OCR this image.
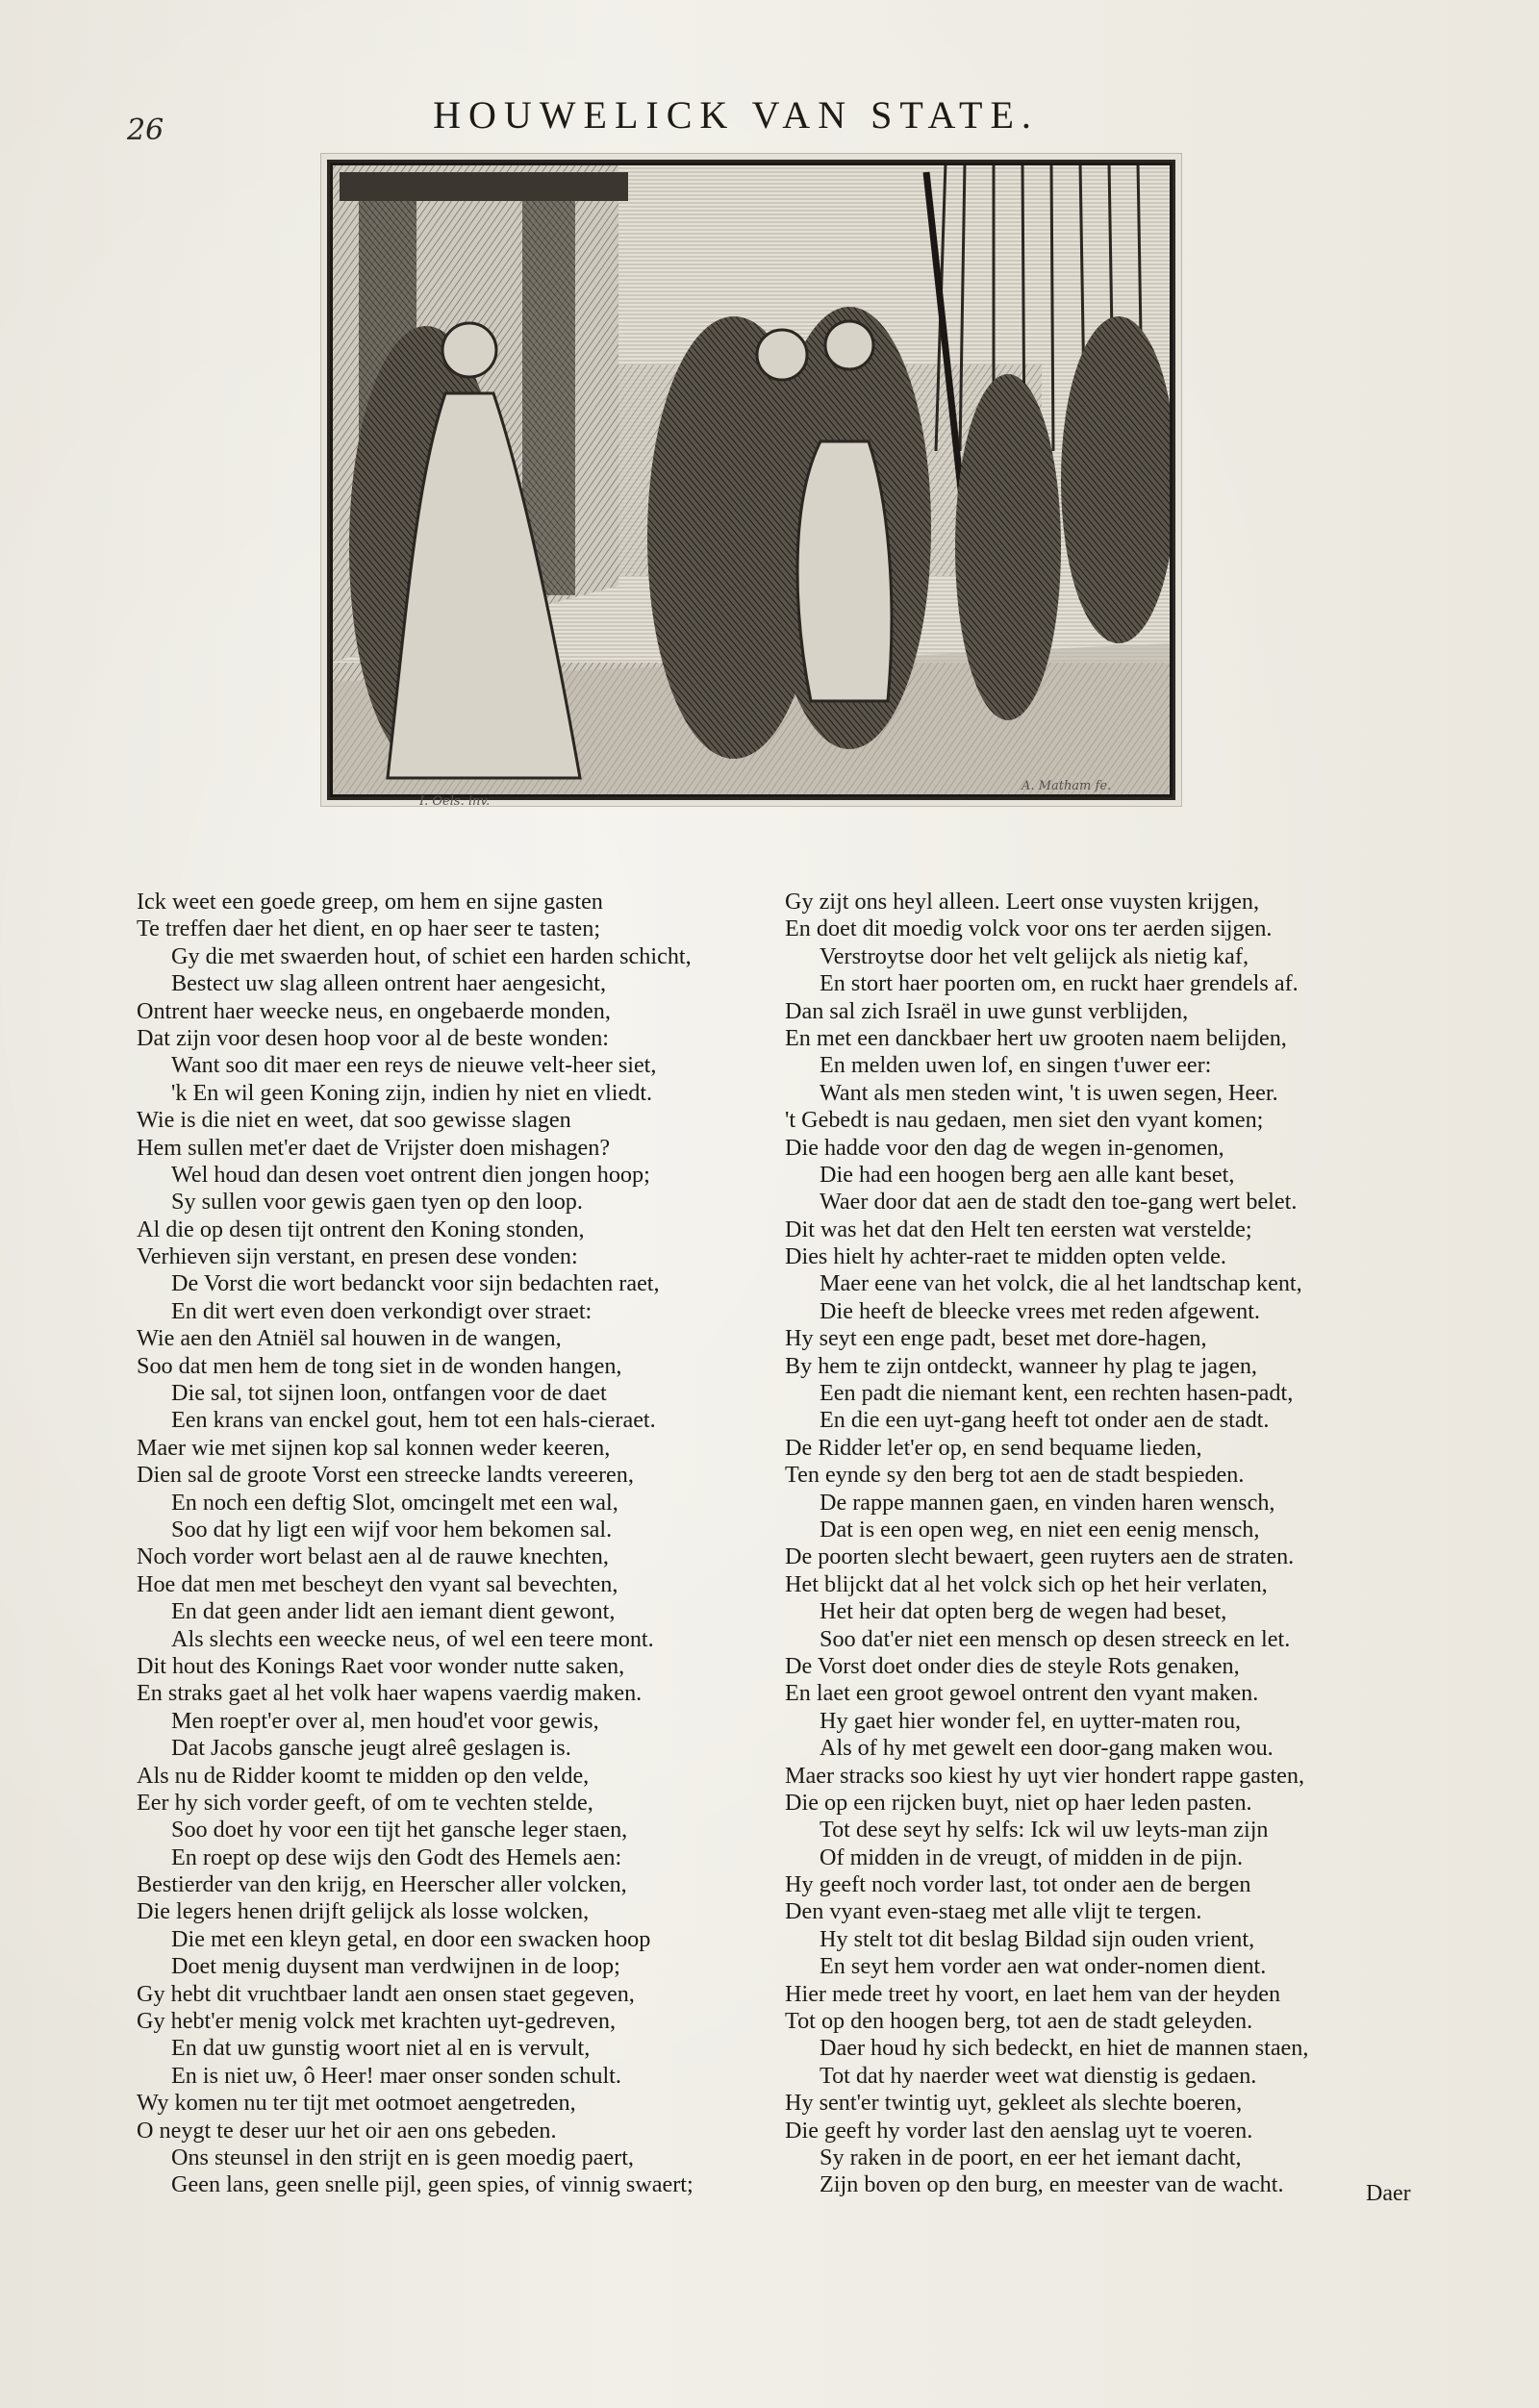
26	HOUWELICK VAN STATE.
I. Oels. inv.
A. Matham fe.
Ick weet een goede greep, om hem en sijne gasten
Te treffen daer het dient, en op haer seer te tasten;
Gy die met swaerden hout, of schiet een harden schicht,
Bestect uw slag alleen ontrent haer aengesicht,
Ontrent haer weecke neus, en ongebaerde monden,
Dat zijn voor desen hoop voor al de beste wonden:
Want soo dit maer een reys de nieuwe velt-heer siet,
'k En wil geen Koning zijn, indien hy niet en vliedt.
Wie is die niet en weet, dat soo gewisse slagen
Hem sullen met'er daet de Vrijster doen mishagen?
Wel houd dan desen voet ontrent dien jongen hoop;
Sy sullen voor gewis gaen tyen op den loop.
Al die op desen tijt ontrent den Koning stonden,
Verhieven sijn verstant, en presen dese vonden:
De Vorst die wort bedanckt voor sijn bedachten raet,
En dit wert even doen verkondigt over straet:
Wie aen den Atniël sal houwen in de wangen,
Soo dat men hem de tong siet in de wonden hangen,
Die sal, tot sijnen loon, ontfangen voor de daet
Een krans van enckel gout, hem tot een hals-cieraet.
Maer wie met sijnen kop sal konnen weder keeren,
Dien sal de groote Vorst een streecke landts vereeren,
En noch een deftig Slot, omcingelt met een wal,
Soo dat hy ligt een wijf voor hem bekomen sal.
Noch vorder wort belast aen al de rauwe knechten,
Hoe dat men met bescheyt den vyant sal bevechten,
En dat geen ander lidt aen iemant dient gewont,
Als slechts een weecke neus, of wel een teere mont.
Dit hout des Konings Raet voor wonder nutte saken,
En straks gaet al het volk haer wapens vaerdig maken.
Men roept'er over al, men houd'et voor gewis,
Dat Jacobs gansche jeugt alreê geslagen is.
Als nu de Ridder koomt te midden op den velde,
Eer hy sich vorder geeft, of om te vechten stelde,
Soo doet hy voor een tijt het gansche leger staen,
En roept op dese wijs den Godt des Hemels aen:
Bestierder van den krijg, en Heerscher aller volcken,
Die legers henen drijft gelijck als losse wolcken,
Die met een kleyn getal, en door een swacken hoop
Doet menig duysent man verdwijnen in de loop;
Gy hebt dit vruchtbaer landt aen onsen staet gegeven,
Gy hebt'er menig volck met krachten uyt-gedreven,
En dat uw gunstig woort niet al en is vervult,
En is niet uw, ô Heer! maer onser sonden schult.
Wy komen nu ter tijt met ootmoet aengetreden,
O neygt te deser uur het oir aen ons gebeden.
Ons steunsel in den strijt en is geen moedig paert,
Geen lans, geen snelle pijl, geen spies, of vinnig swaert;
Gy zijt ons heyl alleen. Leert onse vuysten krijgen,
En doet dit moedig volck voor ons ter aerden sijgen.
Verstroytse door het velt gelijck als nietig kaf,
En stort haer poorten om, en ruckt haer grendels af.
Dan sal zich Israël in uwe gunst verblijden,
En met een danckbaer hert uw grooten naem belijden,
En melden uwen lof, en singen t'uwer eer:
Want als men steden wint, 't is uwen segen, Heer.
't Gebedt is nau gedaen, men siet den vyant komen;
Die hadde voor den dag de wegen in-genomen,
Die had een hoogen berg aen alle kant beset,
Waer door dat aen de stadt den toe-gang wert belet.
Dit was het dat den Helt ten eersten wat verstelde;
Dies hielt hy achter-raet te midden opten velde.
Maer eene van het volck, die al het landtschap kent,
Die heeft de bleecke vrees met reden afgewent.
Hy seyt een enge padt, beset met dore-hagen,
By hem te zijn ontdeckt, wanneer hy plag te jagen,
Een padt die niemant kent, een rechten hasen-padt,
En die een uyt-gang heeft tot onder aen de stadt.
De Ridder let'er op, en send bequame lieden,
Ten eynde sy den berg tot aen de stadt bespieden.
De rappe mannen gaen, en vinden haren wensch,
Dat is een open weg, en niet een eenig mensch,
De poorten slecht bewaert, geen ruyters aen de straten.
Het blijckt dat al het volck sich op het heir verlaten,
Het heir dat opten berg de wegen had beset,
Soo dat'er niet een mensch op desen streeck en let.
De Vorst doet onder dies de steyle Rots genaken,
En laet een groot gewoel ontrent den vyant maken.
Hy gaet hier wonder fel, en uytter-maten rou,
Als of hy met gewelt een door-gang maken wou.
Maer stracks soo kiest hy uyt vier hondert rappe gasten,
Die op een rijcken buyt, niet op haer leden pasten.
Tot dese seyt hy selfs: Ick wil uw leyts-man zijn
Of midden in de vreugt, of midden in de pijn.
Hy geeft noch vorder last, tot onder aen de bergen
Den vyant even-staeg met alle vlijt te tergen.
Hy stelt tot dit beslag Bildad sijn ouden vrient,
En seyt hem vorder aen wat onder-nomen dient.
Hier mede treet hy voort, en laet hem van der heyden
Tot op den hoogen berg, tot aen de stadt geleyden.
Daer houd hy sich bedeckt, en hiet de mannen staen,
Tot dat hy naerder weet wat dienstig is gedaen.
Hy sent'er twintig uyt, gekleet als slechte boeren,
Die geeft hy vorder last den aenslag uyt te voeren.
Sy raken in de poort, en eer het iemant dacht,
Zijn boven op den burg, en meester van de wacht.	Daer
